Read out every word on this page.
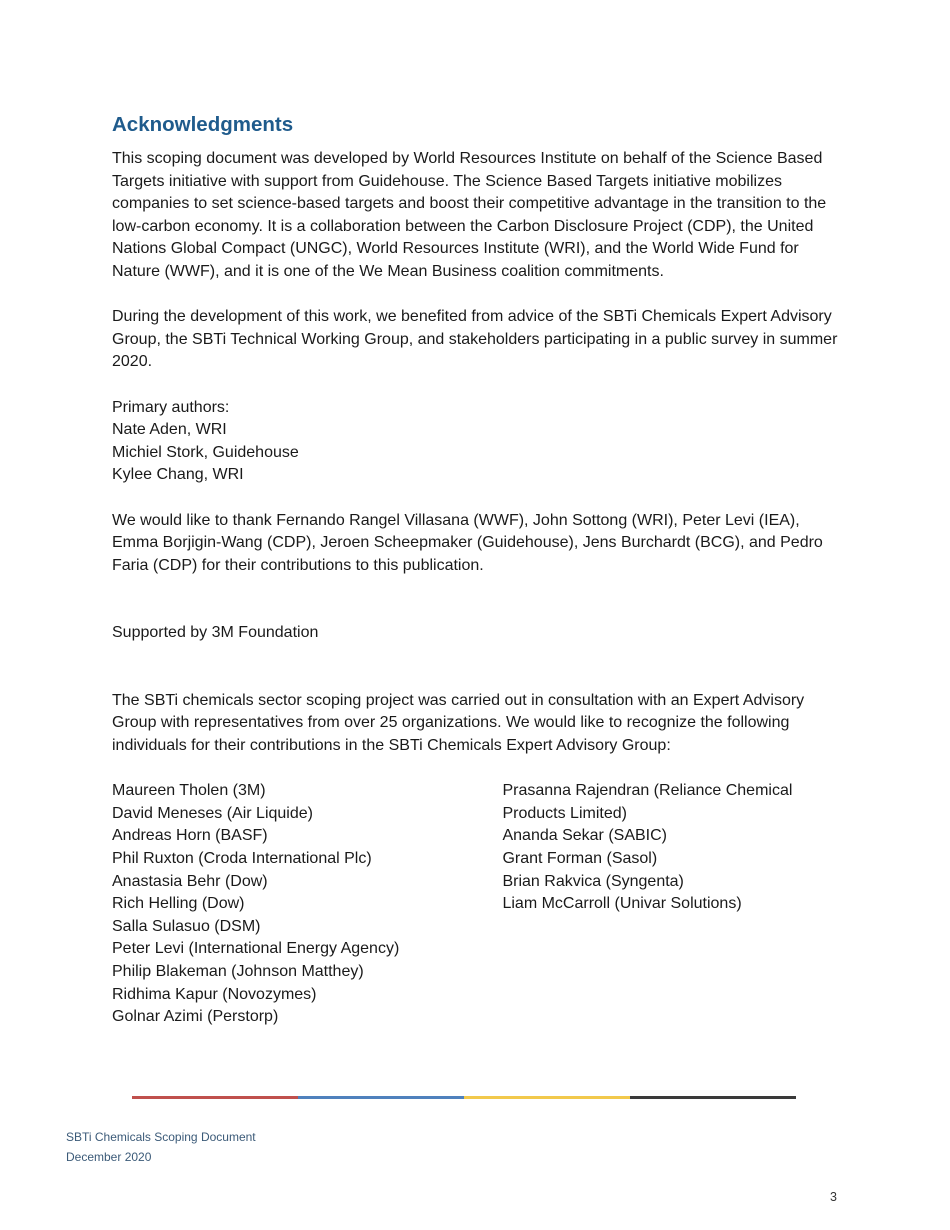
Acknowledgments

This scoping document was developed by World Resources Institute on behalf of the Science Based Targets initiative with support from Guidehouse. The Science Based Targets initiative mobilizes companies to set science-based targets and boost their competitive advantage in the transition to the low-carbon economy. It is a collaboration between the Carbon Disclosure Project (CDP), the United Nations Global Compact (UNGC), World Resources Institute (WRI), and the World Wide Fund for Nature (WWF), and it is one of the We Mean Business coalition commitments.

During the development of this work, we benefited from advice of the SBTi Chemicals Expert Advisory Group, the SBTi Technical Working Group, and stakeholders participating in a public survey in summer 2020.

Primary authors:
Nate Aden, WRI
Michiel Stork, Guidehouse
Kylee Chang, WRI

We would like to thank Fernando Rangel Villasana (WWF), John Sottong (WRI), Peter Levi (IEA), Emma Borjigin-Wang (CDP), Jeroen Scheepmaker (Guidehouse), Jens Burchardt (BCG), and Pedro Faria (CDP) for their contributions to this publication.

Supported by 3M Foundation

The SBTi chemicals sector scoping project was carried out in consultation with an Expert Advisory Group with representatives from over 25 organizations. We would like to recognize the following individuals for their contributions in the SBTi Chemicals Expert Advisory Group:

Maureen Tholen (3M)
David Meneses (Air Liquide)
Andreas Horn (BASF)
Phil Ruxton (Croda International Plc)
Anastasia Behr (Dow)
Rich Helling (Dow)
Salla Sulasuo (DSM)
Peter Levi (International Energy Agency)
Philip Blakeman (Johnson Matthey)
Ridhima Kapur (Novozymes)
Golnar Azimi (Perstorp)
Prasanna Rajendran (Reliance Chemical
Products Limited)
Ananda Sekar (SABIC)
Grant Forman (Sasol)
Brian Rakvica (Syngenta)
Liam McCarroll (Univar Solutions)
SBTi Chemicals Scoping Document
December 2020
3
